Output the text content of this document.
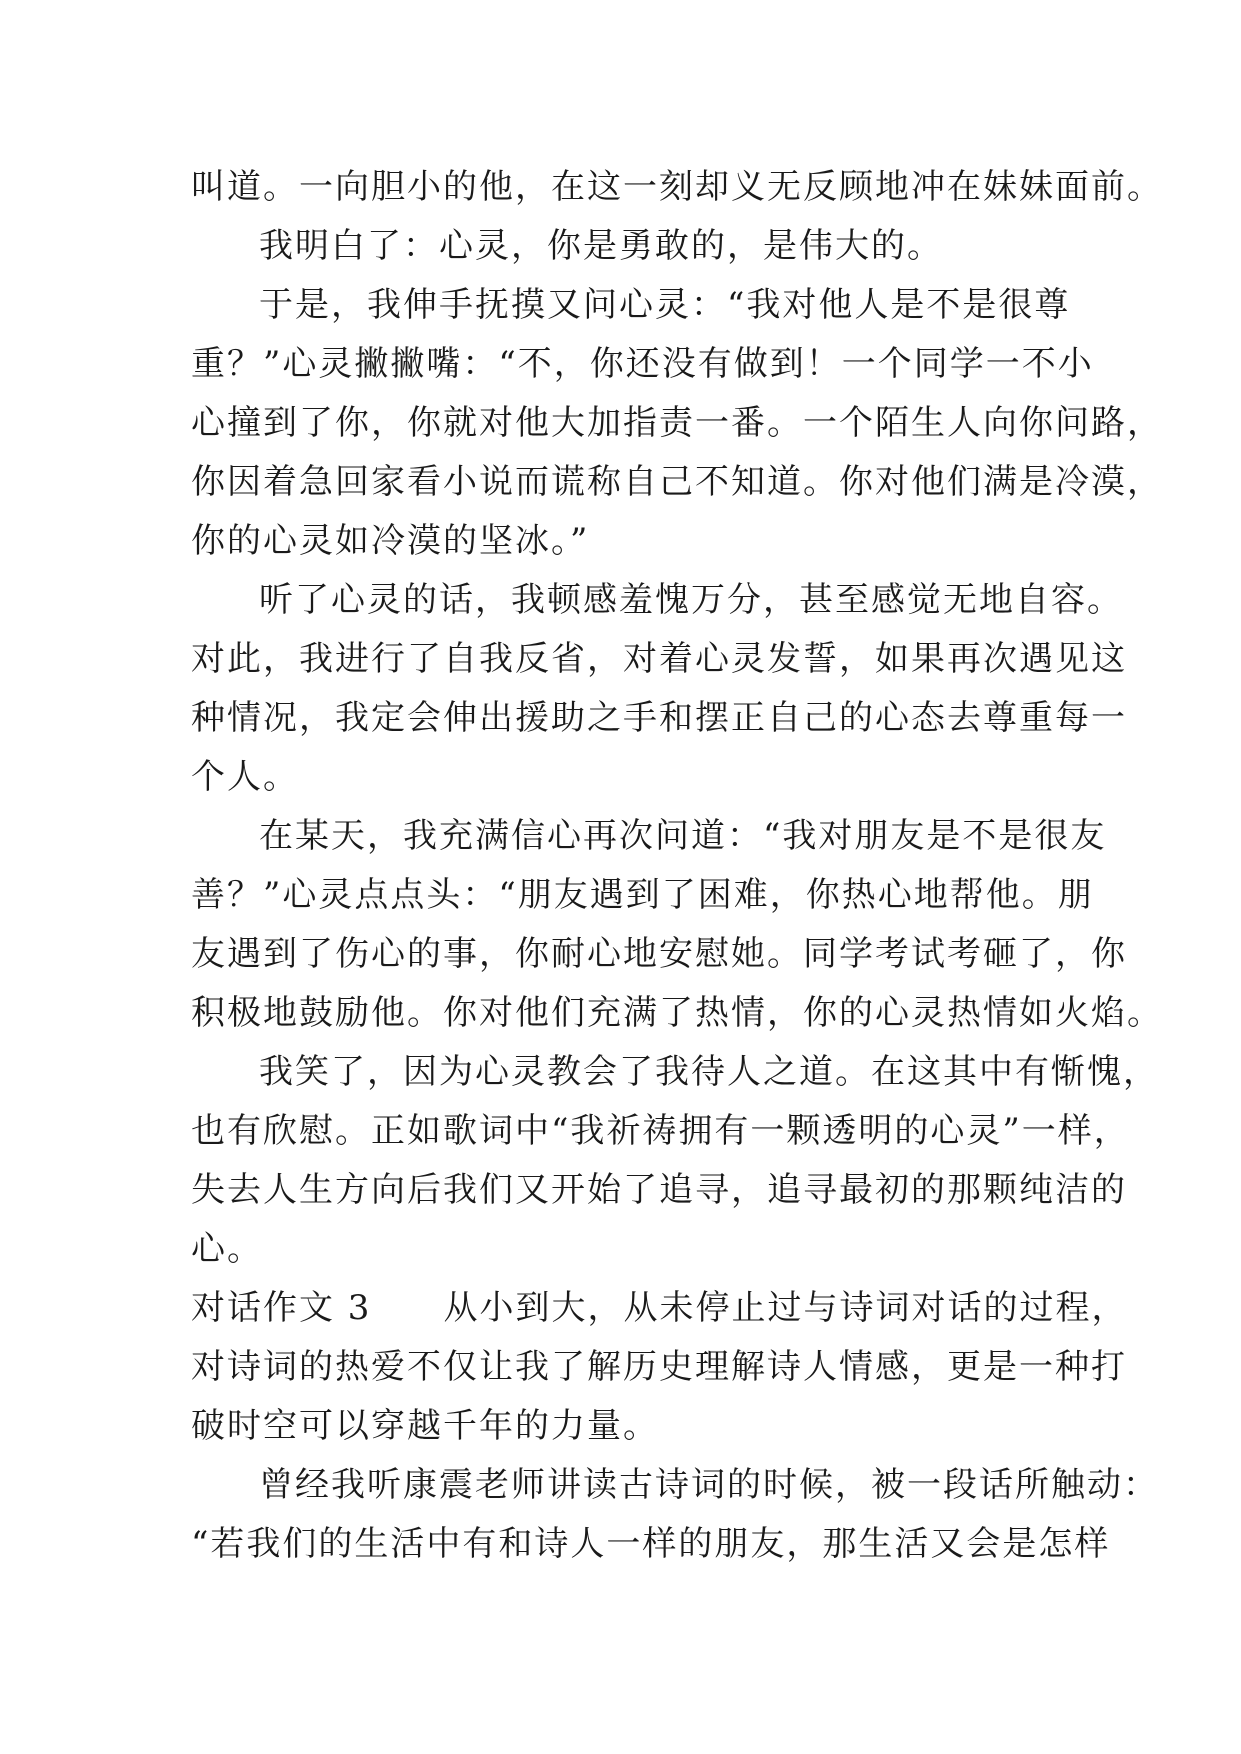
叫道。一向胆小的他，在这一刻却义无反顾地冲在妹妹面前。
我明白了：心灵，你是勇敢的，是伟大的。
于是，我伸手抚摸又问心灵：“我对他人是不是很尊
重？”心灵撇撇嘴：“不，你还没有做到！一个同学一不小
心撞到了你，你就对他大加指责一番。一个陌生人向你问路，
你因着急回家看小说而谎称自己不知道。你对他们满是冷漠，
你的心灵如冷漠的坚冰。”
听了心灵的话，我顿感羞愧万分，甚至感觉无地自容。
对此，我进行了自我反省，对着心灵发誓，如果再次遇见这
种情况，我定会伸出援助之手和摆正自己的心态去尊重每一
个人。
在某天，我充满信心再次问道：“我对朋友是不是很友
善？”心灵点点头：“朋友遇到了困难，你热心地帮他。朋
友遇到了伤心的事，你耐心地安慰她。同学考试考砸了，你
积极地鼓励他。你对他们充满了热情，你的心灵热情如火焰。
我笑了，因为心灵教会了我待人之道。在这其中有惭愧，
也有欣慰。正如歌词中“我祈祷拥有一颗透明的心灵”一样，
失去人生方向后我们又开始了追寻，追寻最初的那颗纯洁的
心。
对话作文 3　　从小到大，从未停止过与诗词对话的过程，
对诗词的热爱不仅让我了解历史理解诗人情感，更是一种打
破时空可以穿越千年的力量。
曾经我听康震老师讲读古诗词的时候，被一段话所触动：
“若我们的生活中有和诗人一样的朋友，那生活又会是怎样
